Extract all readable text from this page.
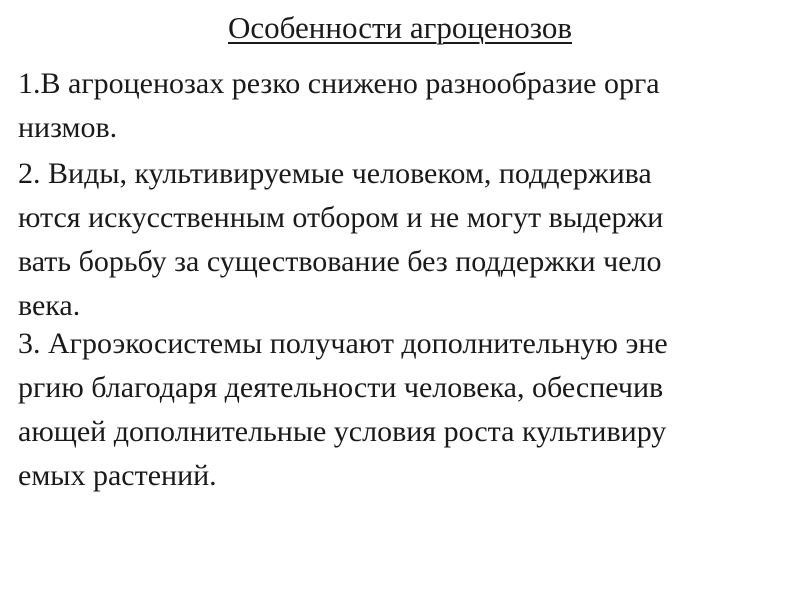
Особенности агроценозов

1.В агроценозах резко снижено разнообразие орга
низмов.

2. Виды, культивируемые человеком, поддержива
ются искусственным отбором и не могут выдержи
вать борьбу за существование без поддержки чело
века.

3. Агроэкосистемы получают дополнительную эне
ргию благодаря деятельности человека, обеспечив
ающей дополнительные условия роста культивиру
емых растений.
